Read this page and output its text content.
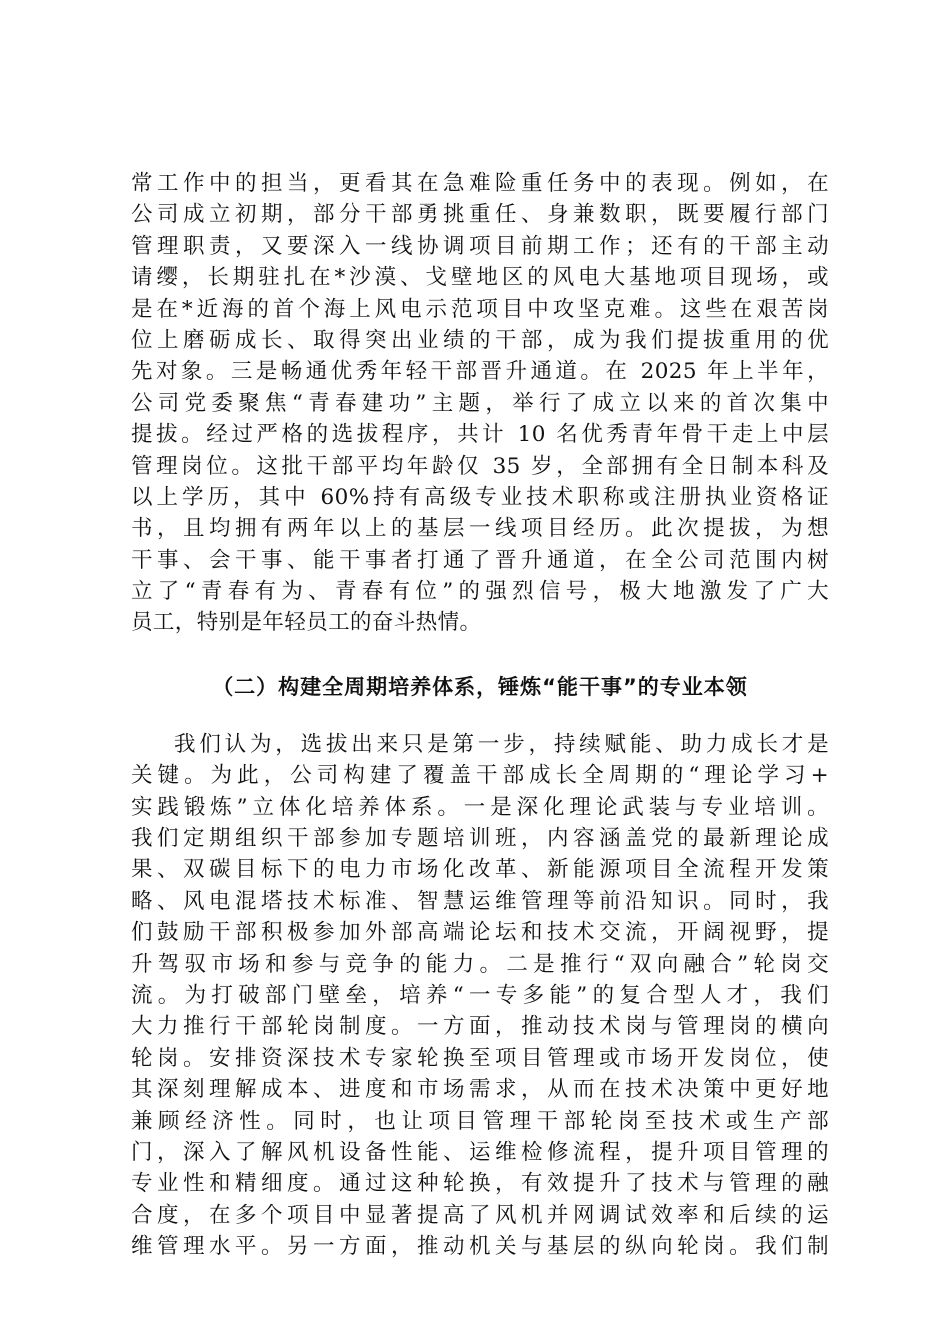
常工作中的担当，更看其在急难险重任务中的表现。例如，在
公司成立初期，部分干部勇挑重任、身兼数职，既要履行部门
管理职责，又要深入一线协调项目前期工作；还有的干部主动
请缨，长期驻扎在*沙漠、戈壁地区的风电大基地项目现场，或
是在*近海的首个海上风电示范项目中攻坚克难。这些在艰苦岗
位上磨砺成长、取得突出业绩的干部，成为我们提拔重用的优
先对象。三是畅通优秀年轻干部晋升通道。在 2025 年上半年，
公司党委聚焦“青春建功”主题，举行了成立以来的首次集中
提拔。经过严格的选拔程序，共计 10 名优秀青年骨干走上中层
管理岗位。这批干部平均年龄仅 35 岁，全部拥有全日制本科及
以上学历，其中 60%持有高级专业技术职称或注册执业资格证
书，且均拥有两年以上的基层一线项目经历。此次提拔，为想
干事、会干事、能干事者打通了晋升通道，在全公司范围内树
立了“青春有为、青春有位”的强烈信号，极大地激发了广大
员工，特别是年轻员工的奋斗热情。
（二）构建全周期培养体系，锤炼“能干事”的专业本领
我们认为，选拔出来只是第一步，持续赋能、助力成长才是
关键。为此，公司构建了覆盖干部成长全周期的“理论学习+
实践锻炼”立体化培养体系。一是深化理论武装与专业培训。
我们定期组织干部参加专题培训班，内容涵盖党的最新理论成
果、双碳目标下的电力市场化改革、新能源项目全流程开发策
略、风电混塔技术标准、智慧运维管理等前沿知识。同时，我
们鼓励干部积极参加外部高端论坛和技术交流，开阔视野，提
升驾驭市场和参与竞争的能力。二是推行“双向融合”轮岗交
流。为打破部门壁垒，培养“一专多能”的复合型人才，我们
大力推行干部轮岗制度。一方面，推动技术岗与管理岗的横向
轮岗。安排资深技术专家轮换至项目管理或市场开发岗位，使
其深刻理解成本、进度和市场需求，从而在技术决策中更好地
兼顾经济性。同时，也让项目管理干部轮岗至技术或生产部
门，深入了解风机设备性能、运维检修流程，提升项目管理的
专业性和精细度。通过这种轮换，有效提升了技术与管理的融
合度，在多个项目中显著提高了风机并网调试效率和后续的运
维管理水平。另一方面，推动机关与基层的纵向轮岗。我们制
